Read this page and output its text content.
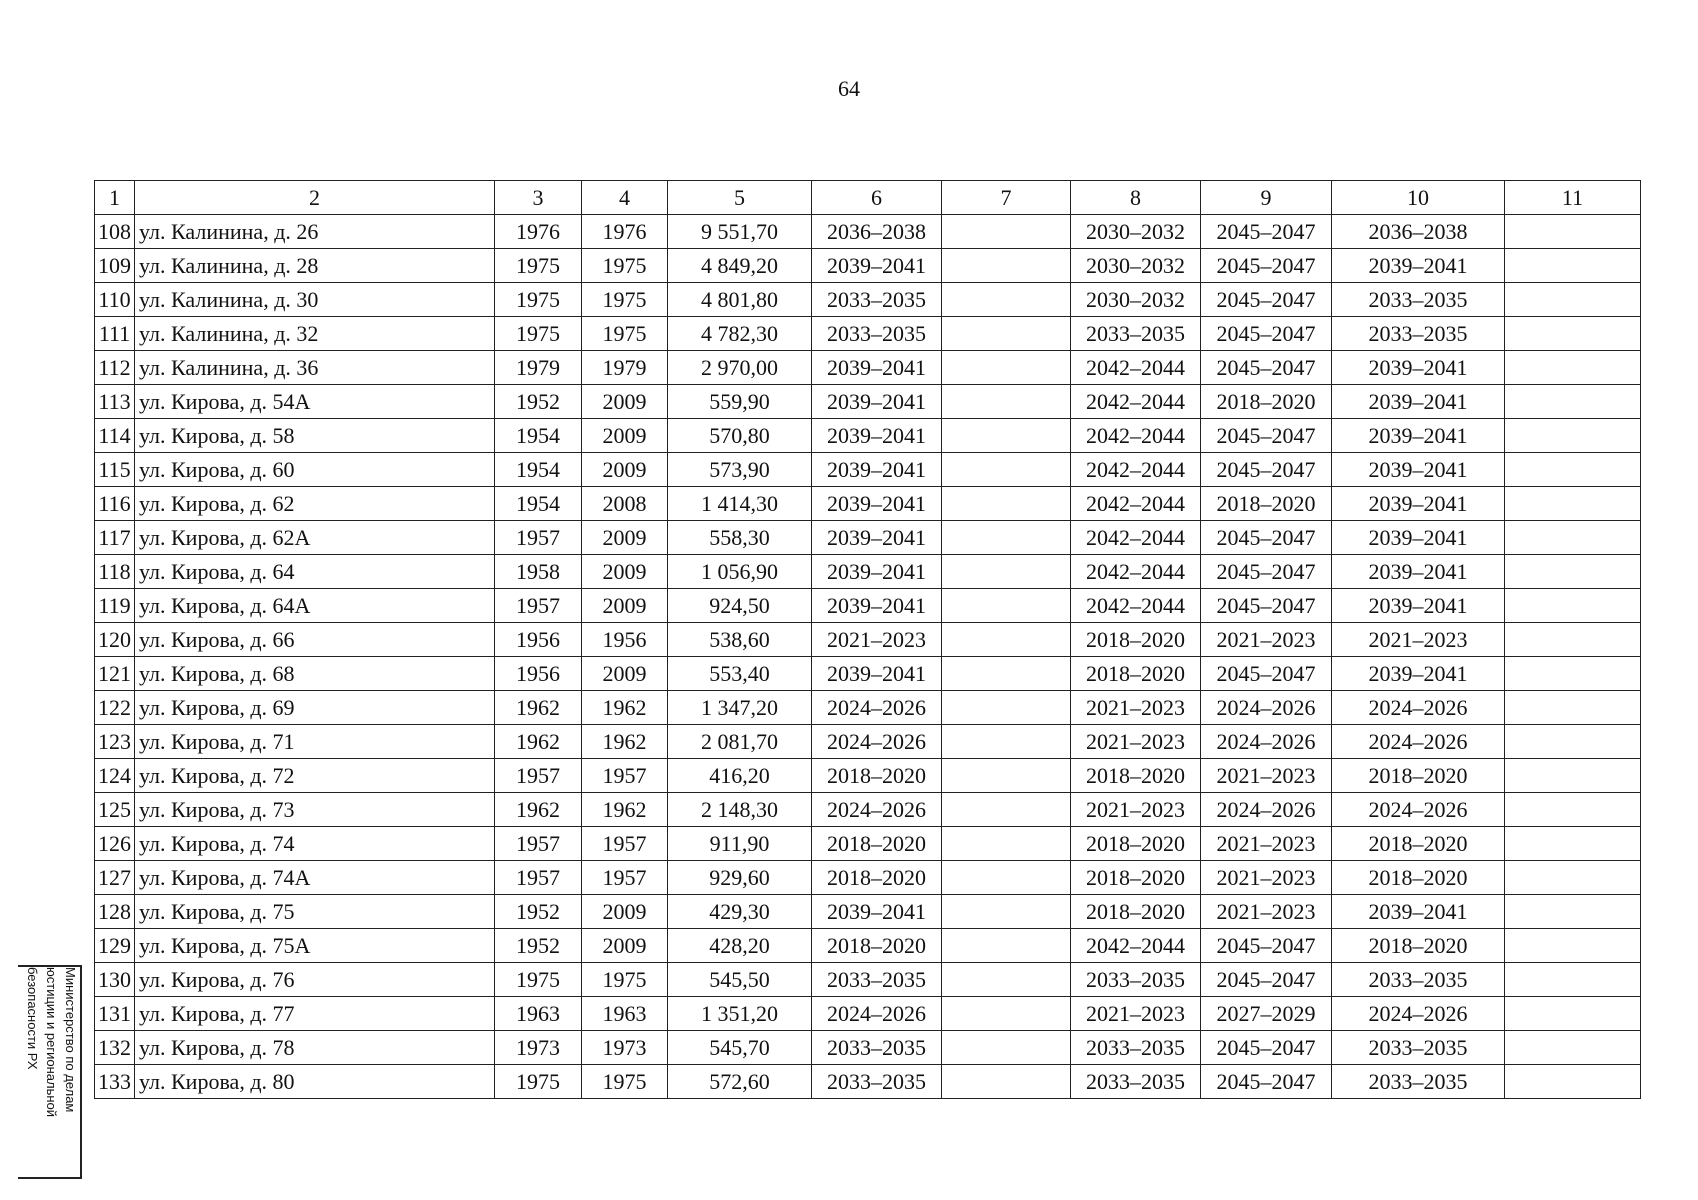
64
1	2	3	4	5	6	7	8	9	10	11
108	ул. Калинина, д. 26	1976	1976	9 551,70	2036–2038		2030–2032	2045–2047	2036–2038	
109	ул. Калинина, д. 28	1975	1975	4 849,20	2039–2041		2030–2032	2045–2047	2039–2041	
110	ул. Калинина, д. 30	1975	1975	4 801,80	2033–2035		2030–2032	2045–2047	2033–2035	
111	ул. Калинина, д. 32	1975	1975	4 782,30	2033–2035		2033–2035	2045–2047	2033–2035	
112	ул. Калинина, д. 36	1979	1979	2 970,00	2039–2041		2042–2044	2045–2047	2039–2041	
113	ул. Кирова, д. 54А	1952	2009	559,90	2039–2041		2042–2044	2018–2020	2039–2041	
114	ул. Кирова, д. 58	1954	2009	570,80	2039–2041		2042–2044	2045–2047	2039–2041	
115	ул. Кирова, д. 60	1954	2009	573,90	2039–2041		2042–2044	2045–2047	2039–2041	
116	ул. Кирова, д. 62	1954	2008	1 414,30	2039–2041		2042–2044	2018–2020	2039–2041	
117	ул. Кирова, д. 62А	1957	2009	558,30	2039–2041		2042–2044	2045–2047	2039–2041	
118	ул. Кирова, д. 64	1958	2009	1 056,90	2039–2041		2042–2044	2045–2047	2039–2041	
119	ул. Кирова, д. 64А	1957	2009	924,50	2039–2041		2042–2044	2045–2047	2039–2041	
120	ул. Кирова, д. 66	1956	1956	538,60	2021–2023		2018–2020	2021–2023	2021–2023	
121	ул. Кирова, д. 68	1956	2009	553,40	2039–2041		2018–2020	2045–2047	2039–2041	
122	ул. Кирова, д. 69	1962	1962	1 347,20	2024–2026		2021–2023	2024–2026	2024–2026	
123	ул. Кирова, д. 71	1962	1962	2 081,70	2024–2026		2021–2023	2024–2026	2024–2026	
124	ул. Кирова, д. 72	1957	1957	416,20	2018–2020		2018–2020	2021–2023	2018–2020	
125	ул. Кирова, д. 73	1962	1962	2 148,30	2024–2026		2021–2023	2024–2026	2024–2026	
126	ул. Кирова, д. 74	1957	1957	911,90	2018–2020		2018–2020	2021–2023	2018–2020	
127	ул. Кирова, д. 74А	1957	1957	929,60	2018–2020		2018–2020	2021–2023	2018–2020	
128	ул. Кирова, д. 75	1952	2009	429,30	2039–2041		2018–2020	2021–2023	2039–2041	
129	ул. Кирова, д. 75А	1952	2009	428,20	2018–2020		2042–2044	2045–2047	2018–2020	
130	ул. Кирова, д. 76	1975	1975	545,50	2033–2035		2033–2035	2045–2047	2033–2035	
131	ул. Кирова, д. 77	1963	1963	1 351,20	2024–2026		2021–2023	2027–2029	2024–2026	
132	ул. Кирова, д. 78	1973	1973	545,70	2033–2035		2033–2035	2045–2047	2033–2035	
133	ул. Кирова, д. 80	1975	1975	572,60	2033–2035		2033–2035	2045–2047	2033–2035	
Министерство по делам
юстиции и региональной
безопасности РХ
